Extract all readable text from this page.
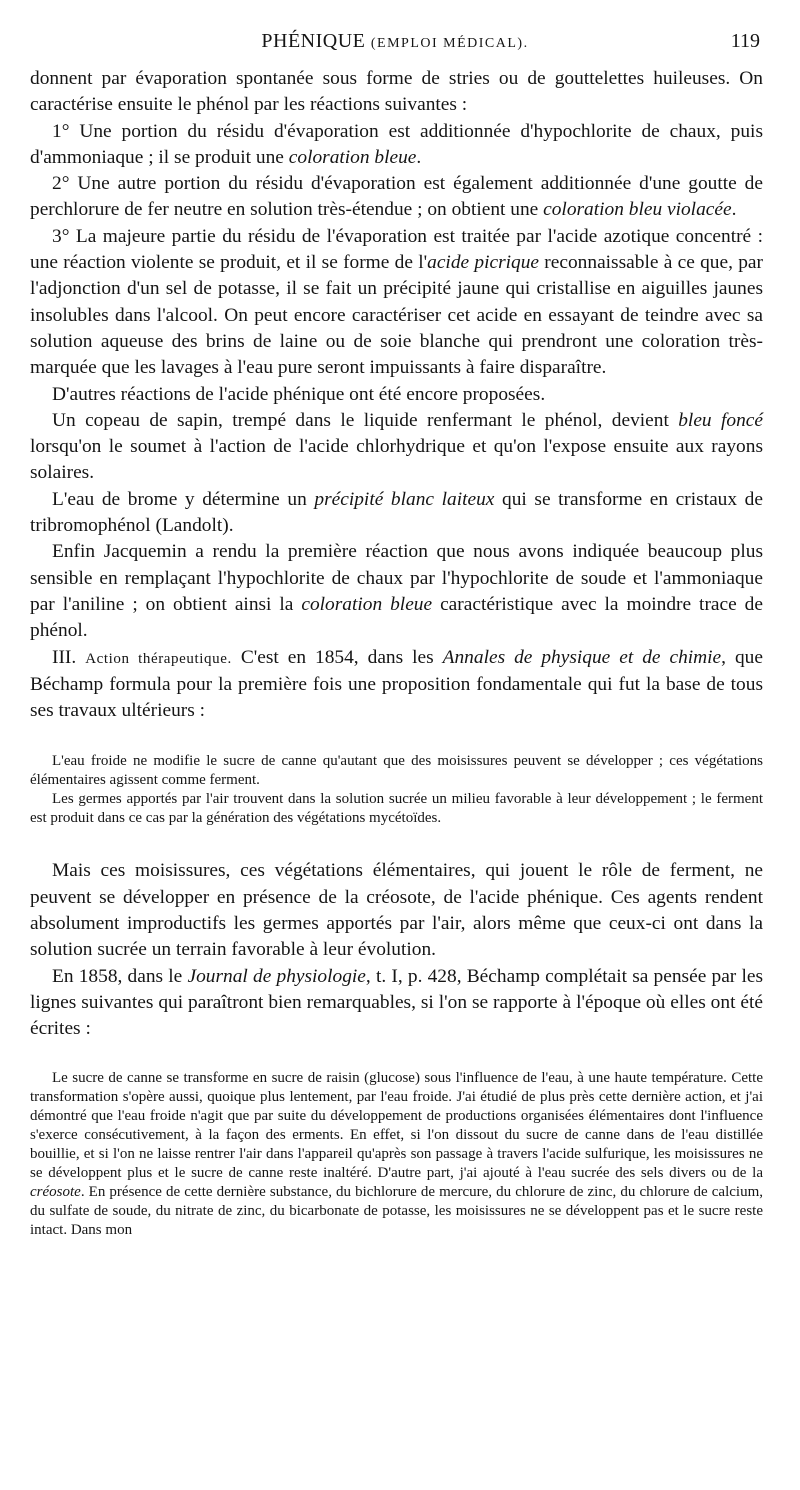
PHÉNIQUE (EMPLOI MÉDICAL).	119

donnent par évaporation spontanée sous forme de stries ou de gouttelettes huileuses. On caractérise ensuite le phénol par les réactions suivantes :

1° Une portion du résidu d'évaporation est additionnée d'hypochlorite de chaux, puis d'ammoniaque ; il se produit une coloration bleue.

2° Une autre portion du résidu d'évaporation est également additionnée d'une goutte de perchlorure de fer neutre en solution très-étendue ; on obtient une coloration bleu violacée.

3° La majeure partie du résidu de l'évaporation est traitée par l'acide azotique concentré : une réaction violente se produit, et il se forme de l'acide picrique reconnaissable à ce que, par l'adjonction d'un sel de potasse, il se fait un précipité jaune qui cristallise en aiguilles jaunes insolubles dans l'alcool. On peut encore caractériser cet acide en essayant de teindre avec sa solution aqueuse des brins de laine ou de soie blanche qui prendront une coloration très-marquée que les lavages à l'eau pure seront impuissants à faire disparaître.

D'autres réactions de l'acide phénique ont été encore proposées.

Un copeau de sapin, trempé dans le liquide renfermant le phénol, devient bleu foncé lorsqu'on le soumet à l'action de l'acide chlorhydrique et qu'on l'expose ensuite aux rayons solaires.

L'eau de brome y détermine un précipité blanc laiteux qui se transforme en cristaux de tribromophénol (Landolt).

Enfin Jacquemin a rendu la première réaction que nous avons indiquée beaucoup plus sensible en remplaçant l'hypochlorite de chaux par l'hypochlorite de soude et l'ammoniaque par l'aniline ; on obtient ainsi la coloration bleue caractéristique avec la moindre trace de phénol.

III. Action thérapeutique. C'est en 1854, dans les Annales de physique et de chimie, que Béchamp formula pour la première fois une proposition fondamentale qui fut la base de tous ses travaux ultérieurs :

L'eau froide ne modifie le sucre de canne qu'autant que des moisissures peuvent se développer ; ces végétations élémentaires agissent comme ferment.

Les germes apportés par l'air trouvent dans la solution sucrée un milieu favorable à leur développement ; le ferment est produit dans ce cas par la génération des végétations mycétoïdes.

Mais ces moisissures, ces végétations élémentaires, qui jouent le rôle de ferment, ne peuvent se développer en présence de la créosote, de l'acide phénique. Ces agents rendent absolument improductifs les germes apportés par l'air, alors même que ceux-ci ont dans la solution sucrée un terrain favorable à leur évolution.

En 1858, dans le Journal de physiologie, t. I, p. 428, Béchamp complétait sa pensée par les lignes suivantes qui paraîtront bien remarquables, si l'on se rapporte à l'époque où elles ont été écrites :

Le sucre de canne se transforme en sucre de raisin (glucose) sous l'influence de l'eau, à une haute température. Cette transformation s'opère aussi, quoique plus lentement, par l'eau froide. J'ai étudié de plus près cette dernière action, et j'ai démontré que l'eau froide n'agit que par suite du développement de productions organisées élémentaires dont l'influence s'exerce consécutivement, à la façon des erments. En effet, si l'on dissout du sucre de canne dans de l'eau distillée bouillie, et si l'on ne laisse rentrer l'air dans l'appareil qu'après son passage à travers l'acide sulfurique, les moisissures ne se développent plus et le sucre de canne reste inaltéré. D'autre part, j'ai ajouté à l'eau sucrée des sels divers ou de la créosote. En présence de cette dernière substance, du bichlorure de mercure, du chlorure de zinc, du chlorure de calcium, du sulfate de soude, du nitrate de zinc, du bicarbonate de potasse, les moisissures ne se développent pas et le sucre reste intact. Dans mon
